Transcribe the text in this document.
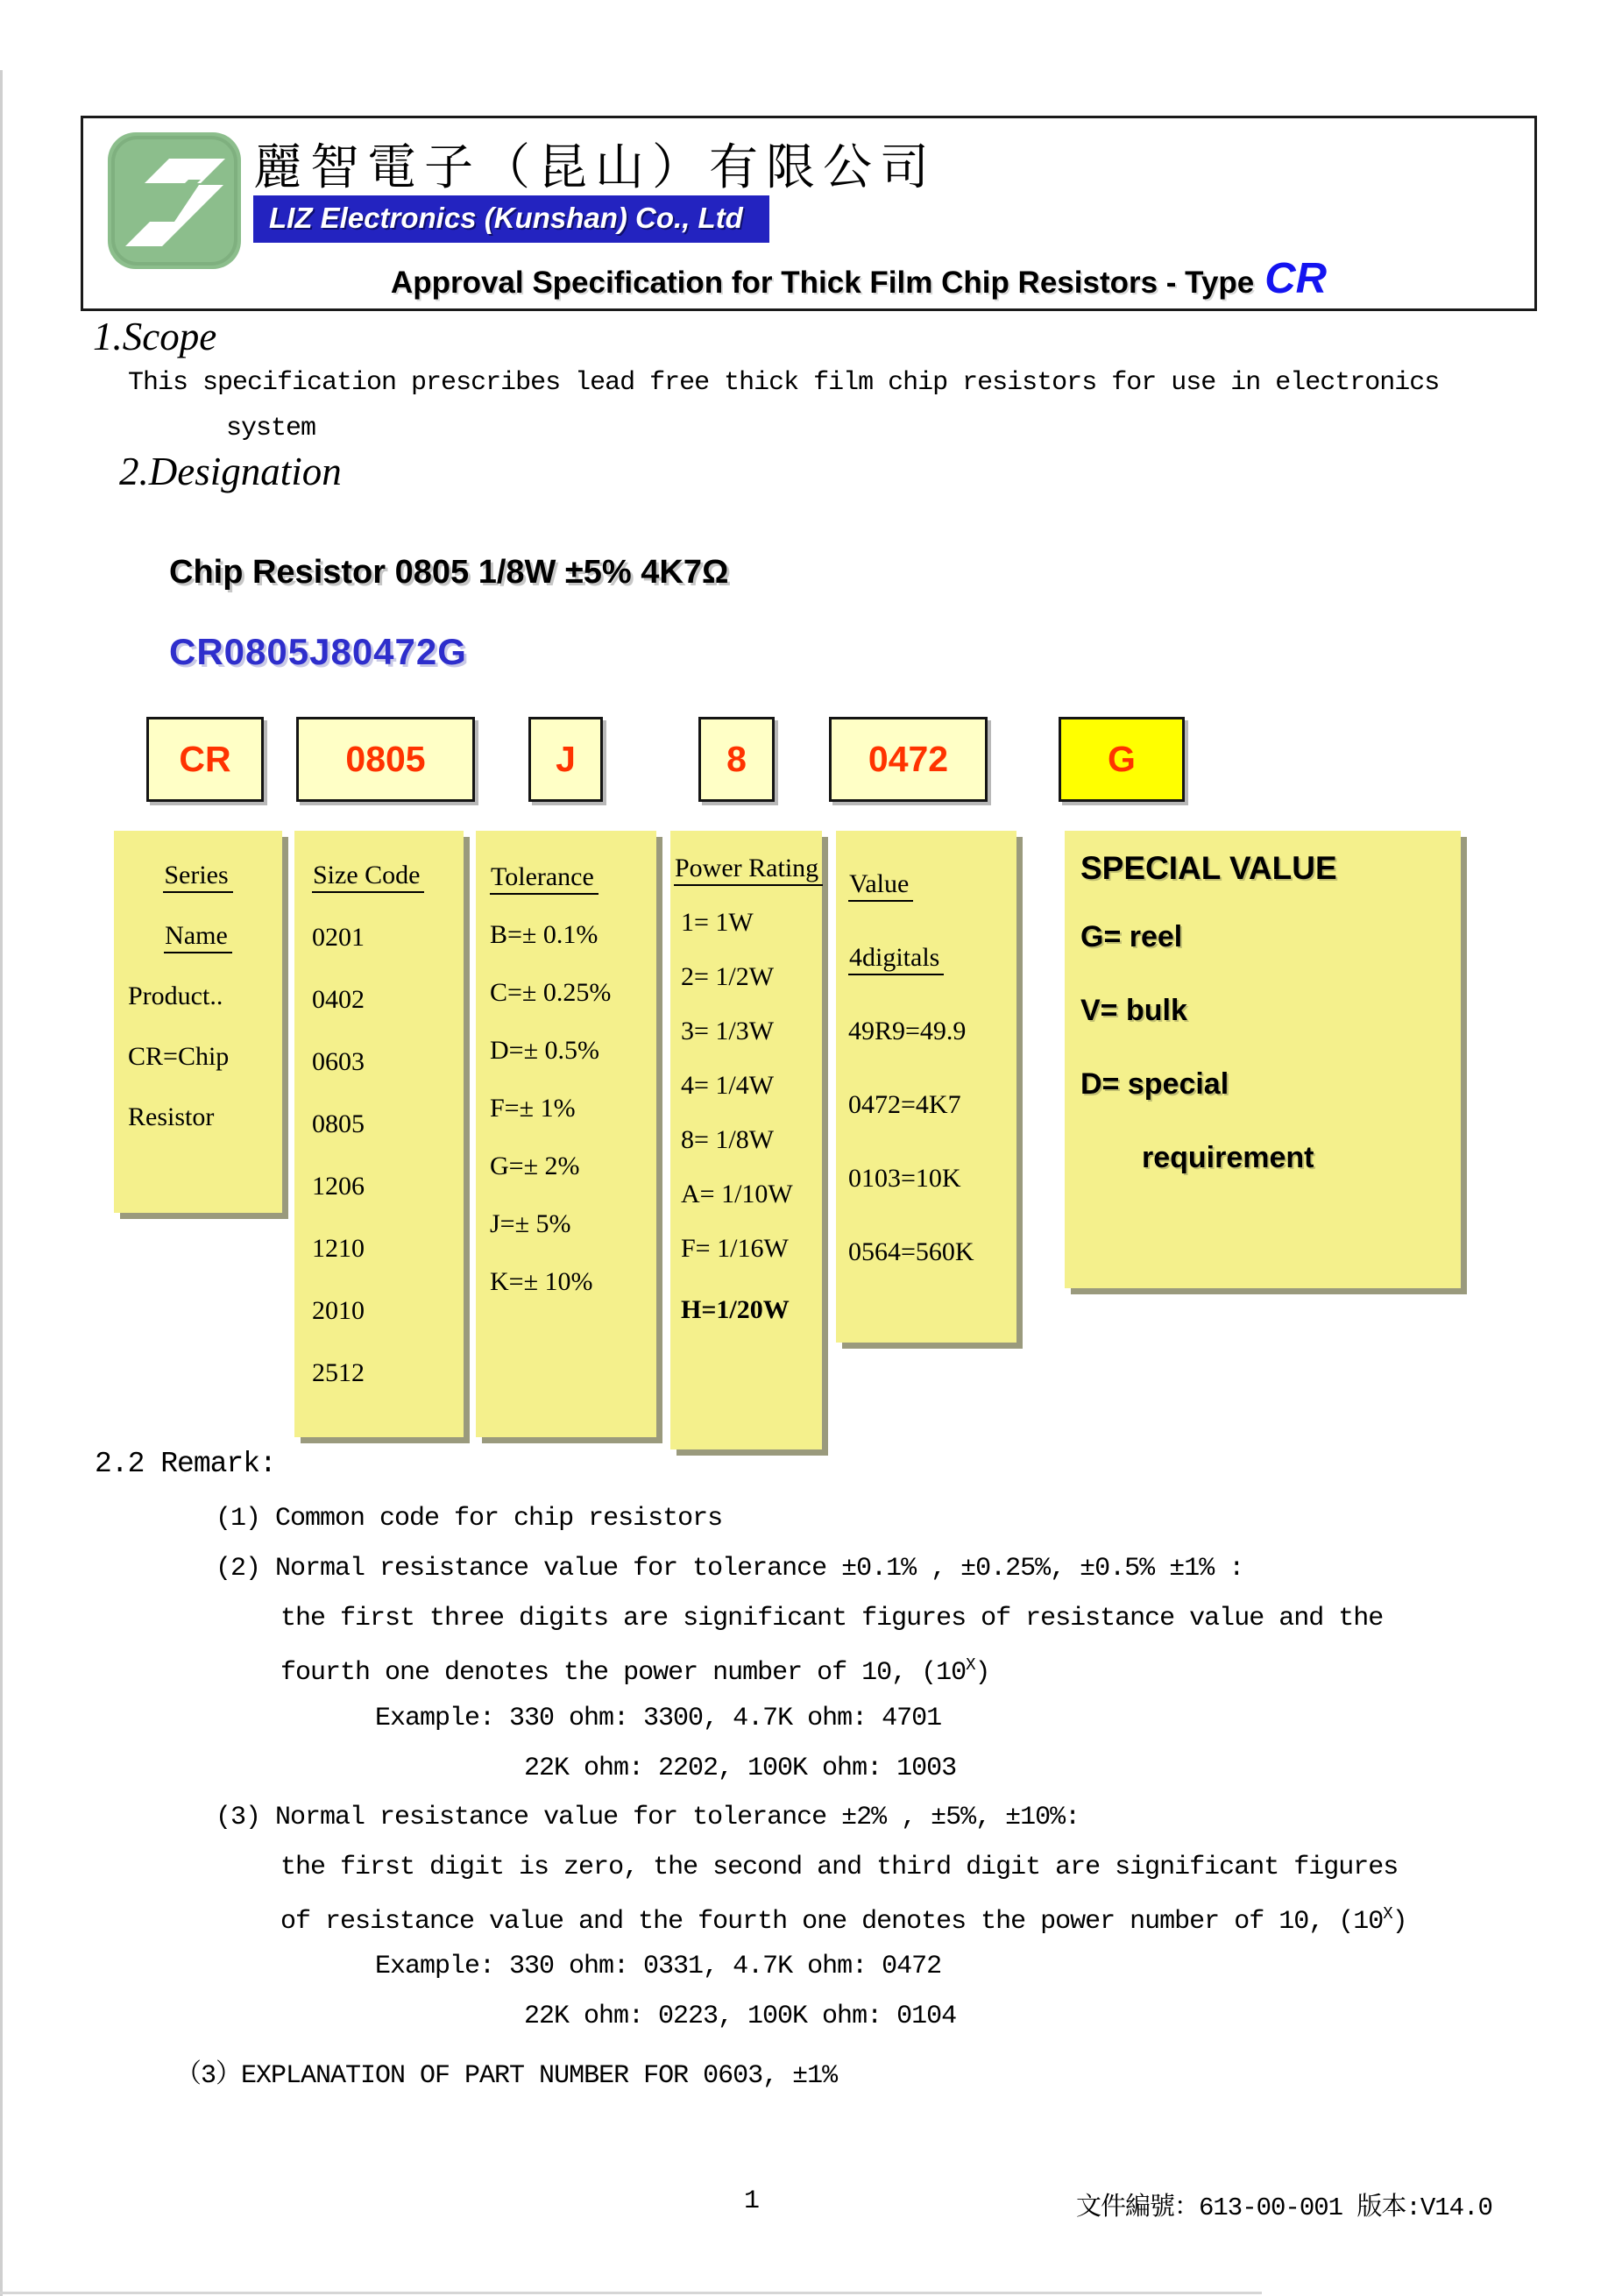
麗智電子（昆山）有限公司
LIZ Electronics (Kunshan) Co., Ltd
Approval Specification for Thick Film Chip Resistors - Type CR
1.Scope
This specification prescribes lead free thick film chip resistors for use in electronics
system
2.Designation
Chip Resistor 0805 1/8W ±5% 4K7Ω
CR0805J80472G
CR	0805	J	8	0472	G
Series
Name
Product..
CR=Chip
Resistor
Size Code
0201
0402
0603
0805
1206
1210
2010
2512
Tolerance
B=± 0.1%
C=± 0.25%
D=± 0.5%
F=± 1%
G=± 2%
J=± 5%
K=± 10%
Power Rating
1= 1W
2= 1/2W
3= 1/3W
4= 1/4W
8= 1/8W
A= 1/10W
F= 1/16W
H=1/20W
Value
4digitals
49R9=49.9
0472=4K7
0103=10K
0564=560K
SPECIAL VALUE
G= reel
V= bulk
D= special
requirement
2.2 Remark:
(1) Common code for chip resistors
(2) Normal resistance value for tolerance ±0.1% , ±0.25%, ±0.5% ±1% :
the first three digits are significant figures of resistance value and the
fourth one denotes the power number of 10, $(10^X)$
Example: 330 ohm: 3300, 4.7K ohm: 4701
22K ohm: 2202, 100K ohm: 1003
(3) Normal resistance value for tolerance ±2% , ±5%, ±10%:
the first digit is zero, the second and third digit are significant figures
of resistance value and the fourth one denotes the power number of 10, $(10^X)$
Example: 330 ohm: 0331, 4.7K ohm: 0472
22K ohm: 0223, 100K ohm: 0104
（3）EXPLANATION OF PART NUMBER FOR 0603, ±1%
1	文件編號：613-00-001 版本:V14.0
